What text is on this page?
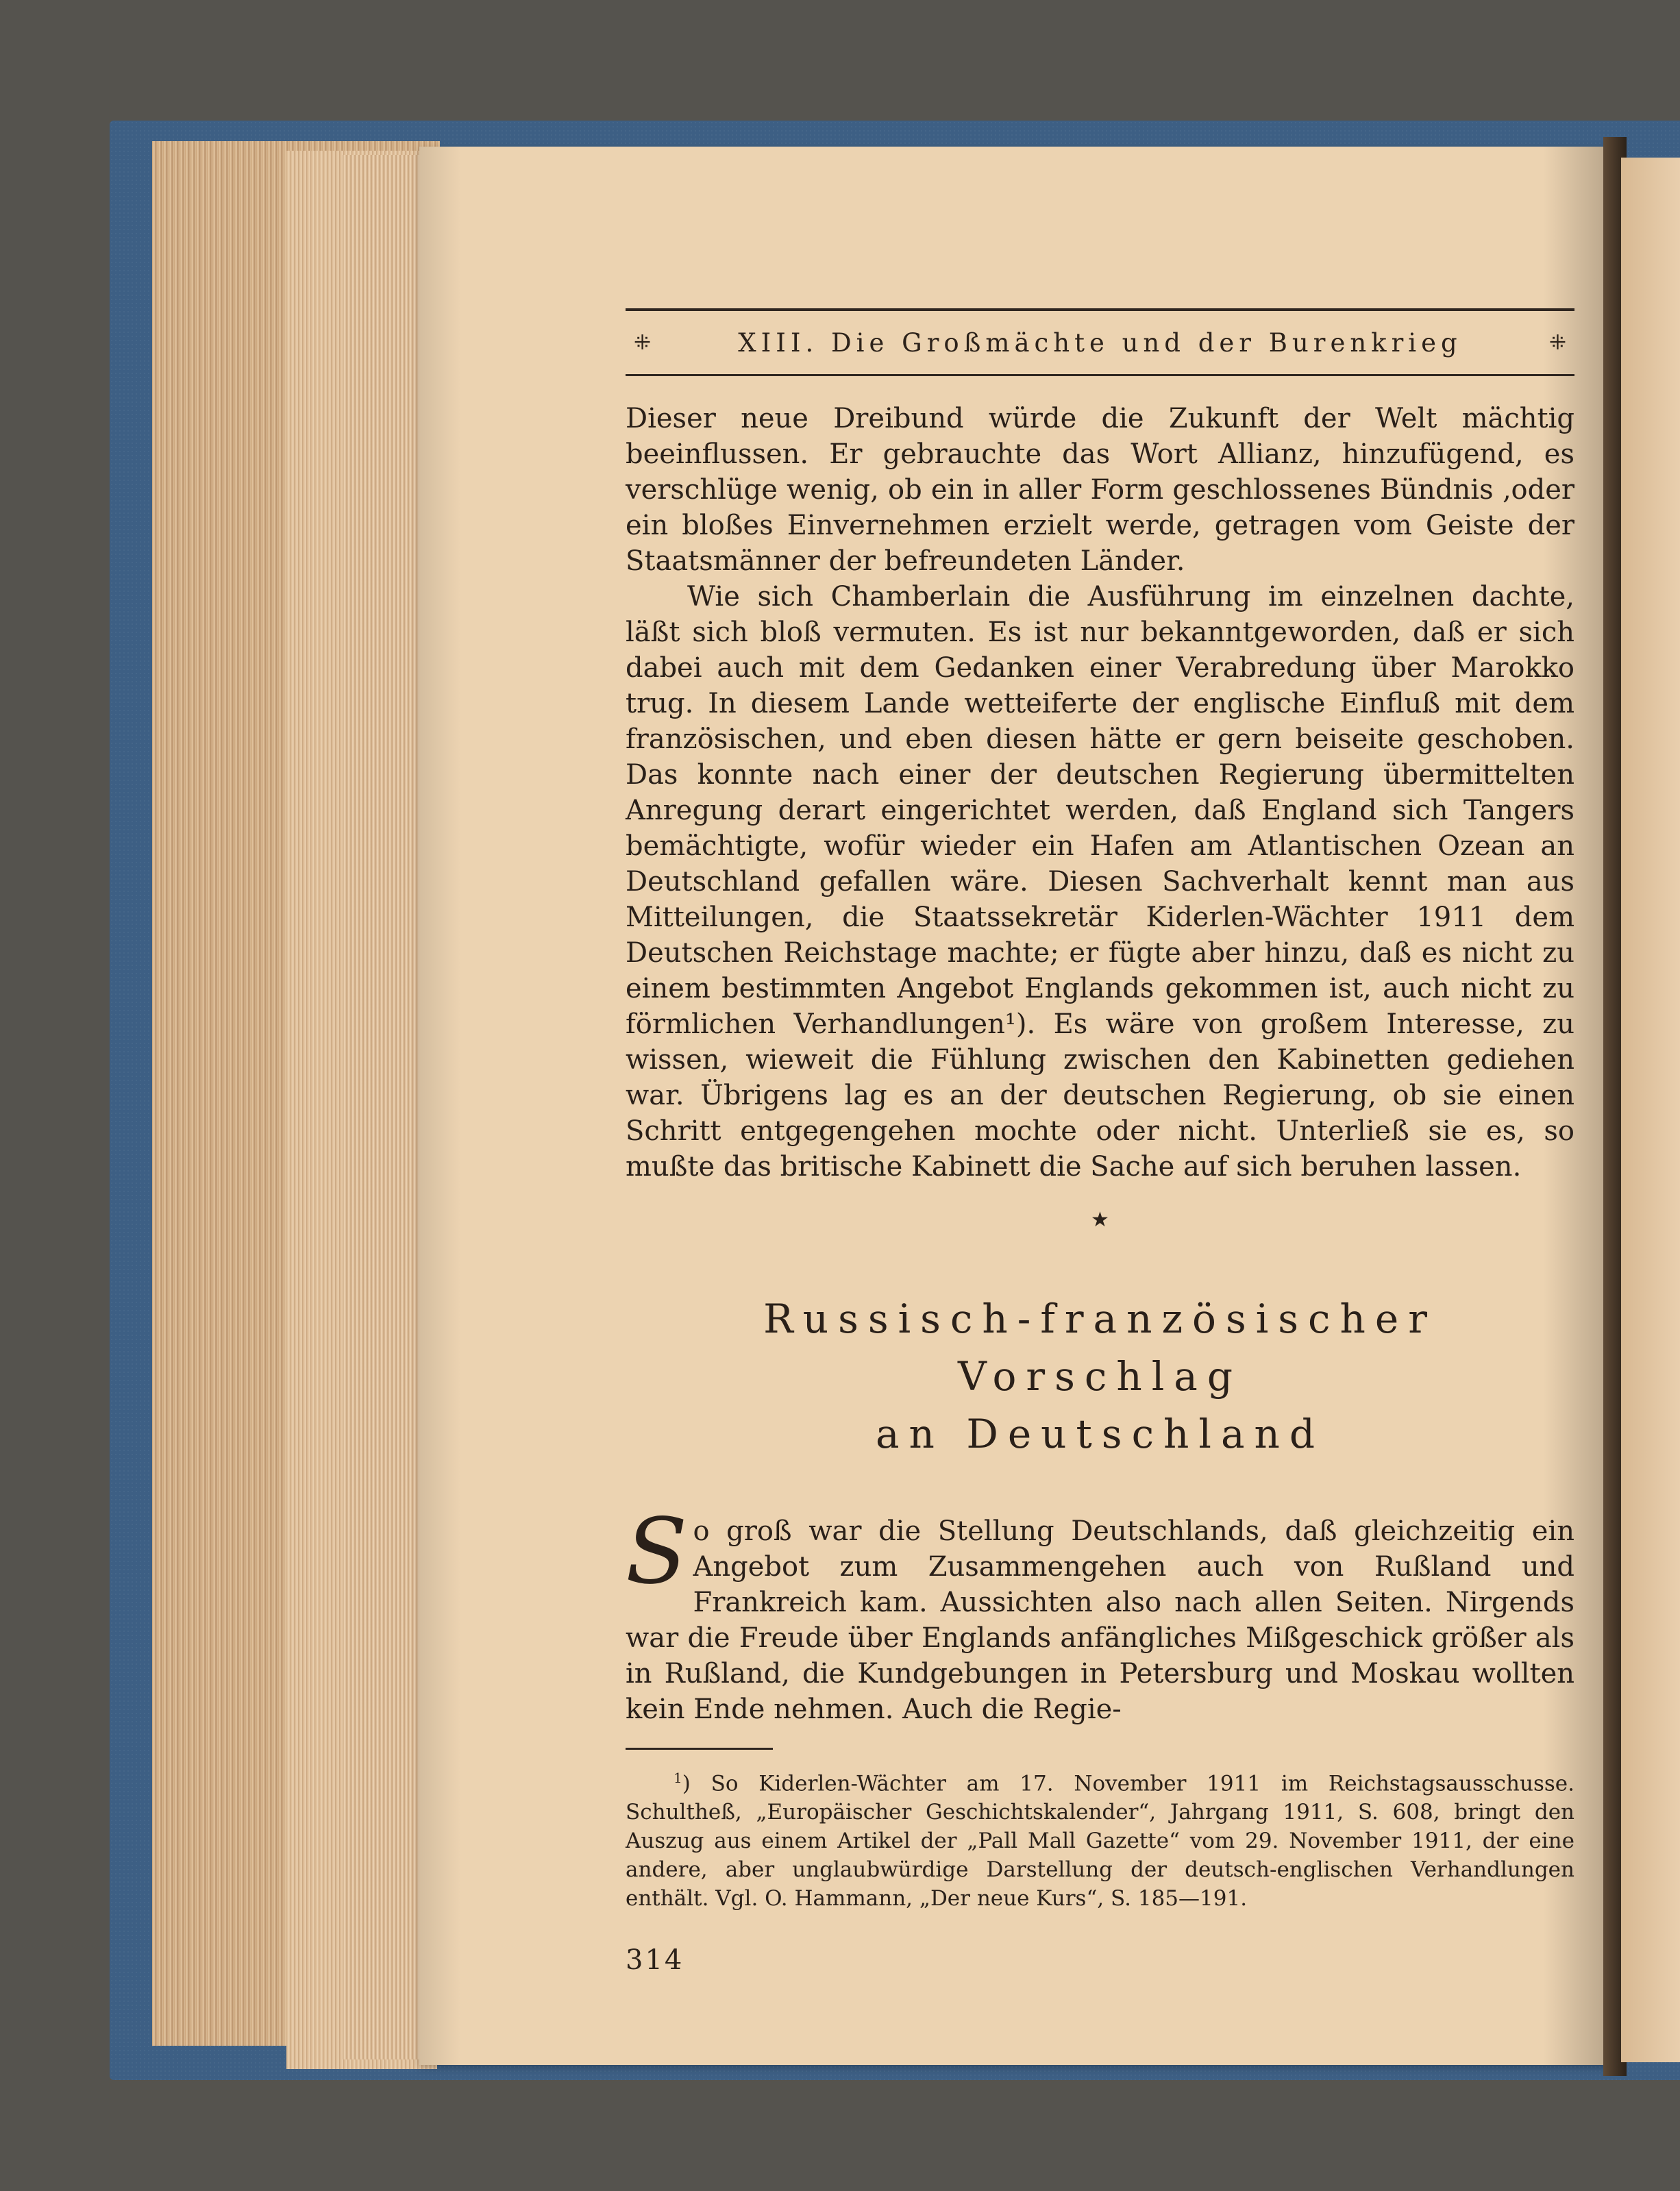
⁜	XIII. Die Großmächte und der Burenkrieg	⁜

Dieser neue Dreibund würde die Zukunft der Welt mächtig beeinflussen. Er gebrauchte das Wort Allianz, hinzufügend, es verschlüge wenig, ob ein in aller Form geschlossenes Bündnis ‚oder ein bloßes Einvernehmen erzielt werde, getragen vom Geiste der Staatsmänner der befreundeten Länder.

Wie sich Chamberlain die Ausführung im einzelnen dachte, läßt sich bloß vermuten. Es ist nur bekanntgeworden, daß er sich dabei auch mit dem Gedanken einer Verabredung über Marokko trug. In diesem Lande wetteiferte der englische Einfluß mit dem französischen, und eben diesen hätte er gern beiseite geschoben. Das konnte nach einer der deutschen Regierung übermittelten Anregung derart eingerichtet werden, daß England sich Tangers bemächtigte, wofür wieder ein Hafen am Atlantischen Ozean an Deutschland gefallen wäre. Diesen Sachverhalt kennt man aus Mitteilungen, die Staatssekretär Kiderlen-Wächter 1911 dem Deutschen Reichstage machte; er fügte aber hinzu, daß es nicht zu einem bestimmten Angebot Englands gekommen ist, auch nicht zu förmlichen Verhandlungen¹). Es wäre von großem Interesse, zu wissen, wieweit die Fühlung zwischen den Kabinetten gediehen war. Übrigens lag es an der deutschen Regierung, ob sie einen Schritt entgegengehen mochte oder nicht. Unterließ sie es, so mußte das britische Kabinett die Sache auf sich beruhen lassen.

★
Russisch-französischer Vorschlag
an Deutschland
S o groß war die Stellung Deutschlands, daß gleichzeitig ein Angebot zum Zusammengehen auch von Rußland und Frankreich kam. Aussichten also nach allen Seiten. Nirgends war die Freude über Englands anfängliches Mißgeschick größer als in Rußland, die Kundgebungen in Petersburg und Moskau wollten kein Ende nehmen. Auch die Regie-
$^1$) So Kiderlen-Wächter am 17. November 1911 im Reichstagsausschusse. Schultheß, „Europäischer Geschichtskalender“, Jahrgang 1911, S. 608, bringt den Auszug aus einem Artikel der „Pall Mall Gazette“ vom 29. November 1911, der eine andere, aber unglaubwürdige Darstellung der deutsch-englischen Verhandlungen enthält. Vgl. O. Hammann, „Der neue Kurs“, S. 185—191.
314
